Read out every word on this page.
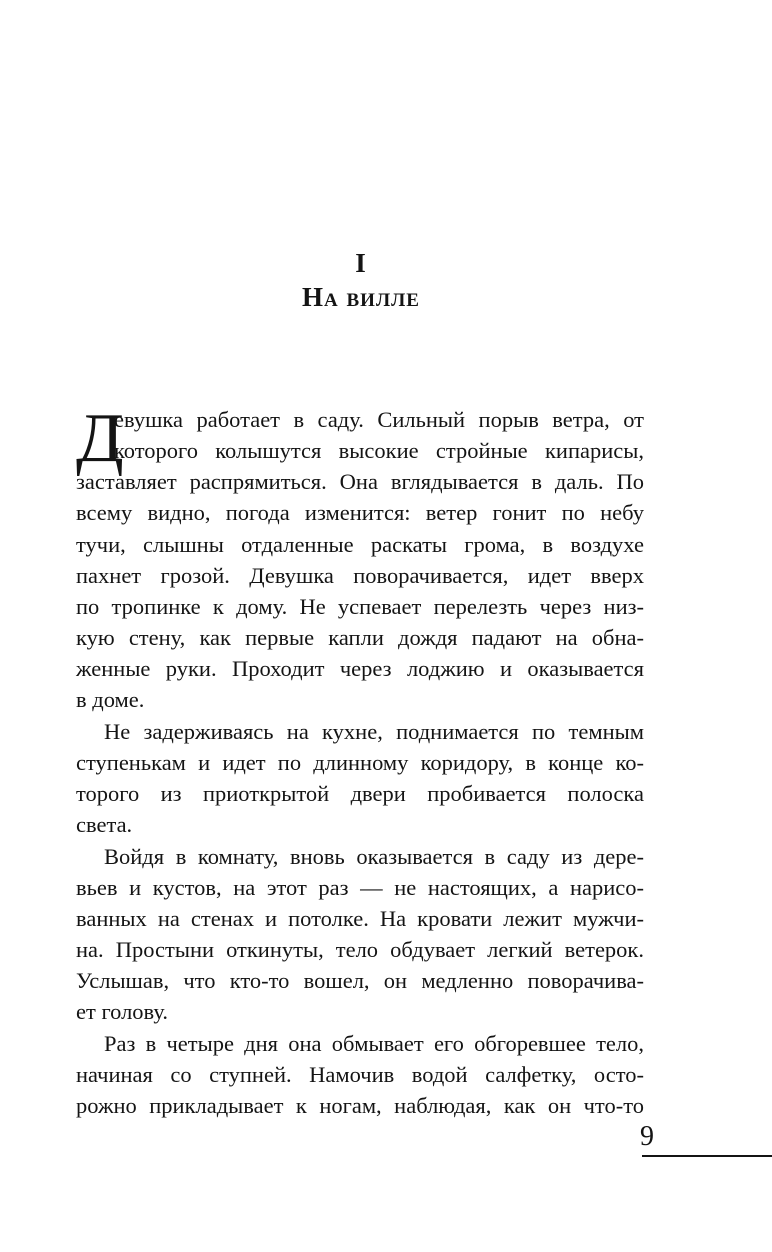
I
На вилле
Д
евушка работает в саду. Сильный порыв ветра, от
которого колышутся высокие стройные кипарисы,
заставляет распрямиться. Она вглядывается в даль. По
всему видно, погода изменится: ветер гонит по небу
тучи, слышны отдаленные раскаты грома, в воздухе
пахнет грозой. Девушка поворачивается, идет вверх
по тропинке к дому. Не успевает перелезть через низ-
кую стену, как первые капли дождя падают на обна-
женные руки. Проходит через лоджию и оказывается
в доме.
Не задерживаясь на кухне, поднимается по темным
ступенькам и идет по длинному коридору, в конце ко-
торого из приоткрытой двери пробивается полоска
света.
Войдя в комнату, вновь оказывается в саду из дере-
вьев и кустов, на этот раз — не настоящих, а нарисо-
ванных на стенах и потолке. На кровати лежит мужчи-
на. Простыни откинуты, тело обдувает легкий ветерок.
Услышав, что кто-то вошел, он медленно поворачива-
ет голову.
Раз в четыре дня она обмывает его обгоревшее тело,
начиная со ступней. Намочив водой салфетку, осто-
рожно прикладывает к ногам, наблюдая, как он что-то
9
